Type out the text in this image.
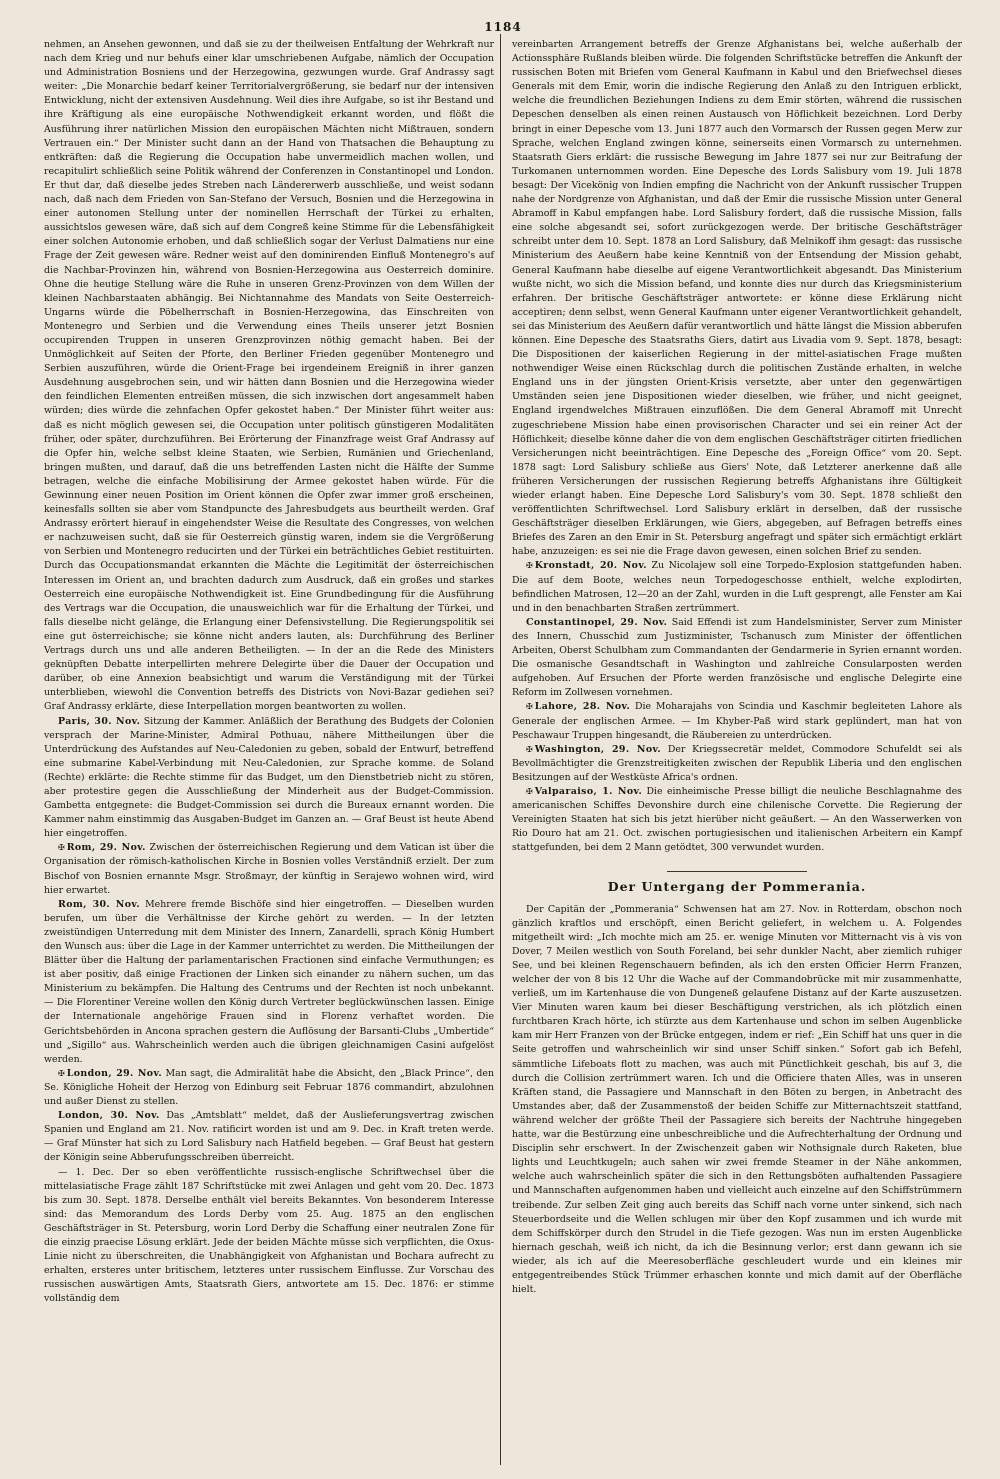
1184

nehmen, an Ansehen gewonnen, und daß sie zu der theilweisen Entfaltung der Wehrkraft nur nach dem Krieg und nur behufs einer klar umschriebenen Aufgabe, nämlich der Occupation und Administration Bosniens und der Herzegowina, gezwungen wurde. Graf Andrassy sagt weiter: „Die Monarchie bedarf keiner Territorialvergrößerung, sie bedarf nur der intensiven Entwicklung, nicht der extensiven Ausdehnung. Weil dies ihre Aufgabe, so ist ihr Bestand und ihre Kräftigung als eine europäische Nothwendigkeit erkannt worden, und flößt die Ausführung ihrer natürlichen Mission den europäischen Mächten nicht Mißtrauen, sondern Vertrauen ein.“ Der Minister sucht dann an der Hand von Thatsachen die Behauptung zu entkräften: daß die Regierung die Occupation habe unvermeidlich machen wollen, und recapitulirt schließlich seine Politik während der Conferenzen in Constantinopel und London. Er thut dar, daß dieselbe jedes Streben nach Ländererwerb ausschließe, und weist sodann nach, daß nach dem Frieden von San-Stefano der Versuch, Bosnien und die Herzegowina in einer autonomen Stellung unter der nominellen Herrschaft der Türkei zu erhalten, aussichtslos gewesen wäre, daß sich auf dem Congreß keine Stimme für die Lebensfähigkeit einer solchen Autonomie erhoben, und daß schließlich sogar der Verlust Dalmatiens nur eine Frage der Zeit gewesen wäre. Redner weist auf den dominirenden Einfluß Montenegro's auf die Nachbar-Provinzen hin, während von Bosnien-Herzegowina aus Oesterreich dominire. Ohne die heutige Stellung wäre die Ruhe in unseren Grenz-Provinzen von dem Willen der kleinen Nachbarstaaten abhängig. Bei Nichtannahme des Mandats von Seite Oesterreich-Ungarns würde die Pöbelherrschaft in Bosnien-Herzegowina, das Einschreiten von Montenegro und Serbien und die Verwendung eines Theils unserer jetzt Bosnien occupirenden Truppen in unseren Grenzprovinzen nöthig gemacht haben. Bei der Unmöglichkeit auf Seiten der Pforte, den Berliner Frieden gegenüber Montenegro und Serbien auszuführen, würde die Orient-Frage bei irgendeinem Ereigniß in ihrer ganzen Ausdehnung ausgebrochen sein, und wir hätten dann Bosnien und die Herzegowina wieder den feindlichen Elementen entreißen müssen, die sich inzwischen dort angesammelt haben würden; dies würde die zehnfachen Opfer gekostet haben.“ Der Minister führt weiter aus: daß es nicht möglich gewesen sei, die Occupation unter politisch günstigeren Modalitäten früher, oder später, durchzuführen. Bei Erörterung der Finanzfrage weist Graf Andrassy auf die Opfer hin, welche selbst kleine Staaten, wie Serbien, Rumänien und Griechenland, bringen mußten, und darauf, daß die uns betreffenden Lasten nicht die Hälfte der Summe betragen, welche die einfache Mobilisirung der Armee gekostet haben würde. Für die Gewinnung einer neuen Position im Orient können die Opfer zwar immer groß erscheinen, keinesfalls sollten sie aber vom Standpuncte des Jahresbudgets aus beurtheilt werden. Graf Andrassy erörtert hierauf in eingehendster Weise die Resultate des Congresses, von welchen er nachzuweisen sucht, daß sie für Oesterreich günstig waren, indem sie die Vergrößerung von Serbien und Montenegro reducirten und der Türkei ein beträchtliches Gebiet restituirten. Durch das Occupationsmandat erkannten die Mächte die Legitimität der österreichischen Interessen im Orient an, und brachten dadurch zum Ausdruck, daß ein großes und starkes Oesterreich eine europäische Nothwendigkeit ist. Eine Grundbedingung für die Ausführung des Vertrags war die Occupation, die unausweichlich war für die Erhaltung der Türkei, und falls dieselbe nicht gelänge, die Erlangung einer Defensivstellung. Die Regierungspolitik sei eine gut österreichische; sie könne nicht anders lauten, als: Durchführung des Berliner Vertrags durch uns und alle anderen Betheiligten. — In der an die Rede des Ministers geknüpften Debatte interpellirten mehrere Delegirte über die Dauer der Occupation und darüber, ob eine Annexion beabsichtigt und warum die Verständigung mit der Türkei unterblieben, wiewohl die Convention betreffs des Districts von Novi-Bazar gediehen sei? Graf Andrassy erklärte, diese Interpellation morgen beantworten zu wollen.

Paris, 30. Nov. Sitzung der Kammer. Anläßlich der Berathung des Budgets der Colonien versprach der Marine-Minister, Admiral Pothuau, nähere Mittheilungen über die Unterdrückung des Aufstandes auf Neu-Caledonien zu geben, sobald der Entwurf, betreffend eine submarine Kabel-Verbindung mit Neu-Caledonien, zur Sprache komme. de Soland (Rechte) erklärte: die Rechte stimme für das Budget, um den Dienstbetrieb nicht zu stören, aber protestire gegen die Ausschließung der Minderheit aus der Budget-Commission. Gambetta entgegnete: die Budget-Commission sei durch die Bureaux ernannt worden. Die Kammer nahm einstimmig das Ausgaben-Budget im Ganzen an. — Graf Beust ist heute Abend hier eingetroffen.

✠ Rom, 29. Nov. Zwischen der österreichischen Regierung und dem Vatican ist über die Organisation der römisch-katholischen Kirche in Bosnien volles Verständniß erzielt. Der zum Bischof von Bosnien ernannte Msgr. Stroßmayr, der künftig in Serajewo wohnen wird, wird hier erwartet.

Rom, 30. Nov. Mehrere fremde Bischöfe sind hier eingetroffen. — Dieselben wurden berufen, um über die Verhältnisse der Kirche gehört zu werden. — In der letzten zweistündigen Unterredung mit dem Minister des Innern, Zanardelli, sprach König Humbert den Wunsch aus: über die Lage in der Kammer unterrichtet zu werden. Die Mittheilungen der Blätter über die Haltung der parlamentarischen Fractionen sind einfache Vermuthungen; es ist aber positiv, daß einige Fractionen der Linken sich einander zu nähern suchen, um das Ministerium zu bekämpfen. Die Haltung des Centrums und der Rechten ist noch unbekannt. — Die Florentiner Vereine wollen den König durch Vertreter beglückwünschen lassen. Einige der Internationale angehörige Frauen sind in Florenz verhaftet worden. Die Gerichtsbehörden in Ancona sprachen gestern die Auflösung der Barsanti-Clubs „Umbertide“ und „Sigillo“ aus. Wahrscheinlich werden auch die übrigen gleichnamigen Casini aufgelöst werden.

✠ London, 29. Nov. Man sagt, die Admiralität habe die Absicht, den „Black Prince“, den Se. Königliche Hoheit der Herzog von Edinburg seit Februar 1876 commandirt, abzulohnen und außer Dienst zu stellen.

London, 30. Nov. Das „Amtsblatt“ meldet, daß der Auslieferungsvertrag zwischen Spanien und England am 21. Nov. ratificirt worden ist und am 9. Dec. in Kraft treten werde. — Graf Münster hat sich zu Lord Salisbury nach Hatfield begeben. — Graf Beust hat gestern der Königin seine Abberufungsschreiben überreicht.

— 1. Dec. Der so eben veröffentlichte russisch-englische Schriftwechsel über die mittelasiatische Frage zählt 187 Schriftstücke mit zwei Anlagen und geht vom 20. Dec. 1873 bis zum 30. Sept. 1878. Derselbe enthält viel bereits Bekanntes. Von besonderem Interesse sind: das Memorandum des Lords Derby vom 25. Aug. 1875 an den englischen Geschäftsträger in St. Petersburg, worin Lord Derby die Schaffung einer neutralen Zone für die einzig praecise Lösung erklärt. Jede der beiden Mächte müsse sich verpflichten, die Oxus-Linie nicht zu überschreiten, die Unabhängigkeit von Afghanistan und Bochara aufrecht zu erhalten, ersteres unter britischem, letzteres unter russischem Einflusse. Zur Vorschau des russischen auswärtigen Amts, Staatsrath Giers, antwortete am 15. Dec. 1876: er stimme vollständig dem

vereinbarten Arrangement betreffs der Grenze Afghanistans bei, welche außerhalb der Actionssphäre Rußlands bleiben würde. Die folgenden Schriftstücke betreffen die Ankunft der russischen Boten mit Briefen vom General Kaufmann in Kabul und den Briefwechsel dieses Generals mit dem Emir, worin die indische Regierung den Anlaß zu den Intriguen erblickt, welche die freundlichen Beziehungen Indiens zu dem Emir störten, während die russischen Depeschen denselben als einen reinen Austausch von Höflichkeit bezeichnen. Lord Derby bringt in einer Depesche vom 13. Juni 1877 auch den Vormarsch der Russen gegen Merw zur Sprache, welchen England zwingen könne, seinerseits einen Vormarsch zu unternehmen. Staatsrath Giers erklärt: die russische Bewegung im Jahre 1877 sei nur zur Beitrafung der Turkomanen unternommen worden. Eine Depesche des Lords Salisbury vom 19. Juli 1878 besagt: Der Vicekönig von Indien empfing die Nachricht von der Ankunft russischer Truppen nahe der Nordgrenze von Afghanistan, und daß der Emir die russische Mission unter General Abramoff in Kabul empfangen habe. Lord Salisbury fordert, daß die russische Mission, falls eine solche abgesandt sei, sofort zurückgezogen werde. Der britische Geschäftsträger schreibt unter dem 10. Sept. 1878 an Lord Salisbury, daß Melnikoff ihm gesagt: das russische Ministerium des Aeußern habe keine Kenntniß von der Entsendung der Mission gehabt, General Kaufmann habe dieselbe auf eigene Verantwortlichkeit abgesandt. Das Ministerium wußte nicht, wo sich die Mission befand, und konnte dies nur durch das Kriegsministerium erfahren. Der britische Geschäftsträger antwortete: er könne diese Erklärung nicht acceptiren; denn selbst, wenn General Kaufmann unter eigener Verantwortlichkeit gehandelt, sei das Ministerium des Aeußern dafür verantwortlich und hätte längst die Mission abberufen können. Eine Depesche des Staatsraths Giers, datirt aus Livadia vom 9. Sept. 1878, besagt: Die Dispositionen der kaiserlichen Regierung in der mittel-asiatischen Frage mußten nothwendiger Weise einen Rückschlag durch die politischen Zustände erhalten, in welche England uns in der jüngsten Orient-Krisis versetzte, aber unter den gegenwärtigen Umständen seien jene Dispositionen wieder dieselben, wie früher, und nicht geeignet, England irgendwelches Mißtrauen einzuflößen. Die dem General Abramoff mit Unrecht zugeschriebene Mission habe einen provisorischen Character und sei ein reiner Act der Höflichkeit; dieselbe könne daher die von dem englischen Geschäftsträger citirten friedlichen Versicherungen nicht beeinträchtigen. Eine Depesche des „Foreign Office“ vom 20. Sept. 1878 sagt: Lord Salisbury schließe aus Giers' Note, daß Letzterer anerkenne daß alle früheren Versicherungen der russischen Regierung betreffs Afghanistans ihre Gültigkeit wieder erlangt haben. Eine Depesche Lord Salisbury's vom 30. Sept. 1878 schließt den veröffentlichten Schriftwechsel. Lord Salisbury erklärt in derselben, daß der russische Geschäftsträger dieselben Erklärungen, wie Giers, abgegeben, auf Befragen betreffs eines Briefes des Zaren an den Emir in St. Petersburg angefragt und später sich ermächtigt erklärt habe, anzuzeigen: es sei nie die Frage davon gewesen, einen solchen Brief zu senden.

✠ Kronstadt, 20. Nov. Zu Nicolajew soll eine Torpedo-Explosion stattgefunden haben. Die auf dem Boote, welches neun Torpedogeschosse enthielt, welche explodirten, befindlichen Matrosen, 12—20 an der Zahl, wurden in die Luft gesprengt, alle Fenster am Kai und in den benachbarten Straßen zertrümmert.

Constantinopel, 29. Nov. Said Effendi ist zum Handelsminister, Server zum Minister des Innern, Chusschid zum Justizminister, Tschanusch zum Minister der öffentlichen Arbeiten, Oberst Schulbham zum Commandanten der Gendarmerie in Syrien ernannt worden. Die osmanische Gesandtschaft in Washington und zahlreiche Consularposten werden aufgehoben. Auf Ersuchen der Pforte werden französische und englische Delegirte eine Reform im Zollwesen vornehmen.

✠ Lahore, 28. Nov. Die Moharajahs von Scindia und Kaschmir begleiteten Lahore als Generale der englischen Armee. — Im Khyber-Paß wird stark geplündert, man hat von Peschawaur Truppen hingesandt, die Räubereien zu unterdrücken.

✠ Washington, 29. Nov. Der Kriegssecretär meldet, Commodore Schufeldt sei als Bevollmächtigter die Grenzstreitigkeiten zwischen der Republik Liberia und den englischen Besitzungen auf der Westküste Africa's ordnen.

✠ Valparaiso, 1. Nov. Die einheimische Presse billigt die neuliche Beschlagnahme des americanischen Schiffes Devonshire durch eine chilenische Corvette. Die Regierung der Vereinigten Staaten hat sich bis jetzt hierüber nicht geäußert. — An den Wasserwerken von Rio Douro hat am 21. Oct. zwischen portugiesischen und italienischen Arbeitern ein Kampf stattgefunden, bei dem 2 Mann getödtet, 300 verwundet wurden.

Der Untergang der Pommerania.

Der Capitän der „Pommerania“ Schwensen hat am 27. Nov. in Rotterdam, obschon noch gänzlich kraftlos und erschöpft, einen Bericht geliefert, in welchem u. A. Folgendes mitgetheilt wird: „Ich mochte mich am 25. er. wenige Minuten vor Mitternacht vis à vis von Dover, 7 Meilen westlich von South Foreland, bei sehr dunkler Nacht, aber ziemlich ruhiger See, und bei kleinen Regenschauern befinden, als ich den ersten Officier Herrn Franzen, welcher der von 8 bis 12 Uhr die Wache auf der Commandobrücke mit mir zusammenhatte, verließ, um im Kartenhause die von Dungeneß gelaufene Distanz auf der Karte auszusetzen. Vier Minuten waren kaum bei dieser Beschäftigung verstrichen, als ich plötzlich einen furchtbaren Krach hörte, ich stürzte aus dem Kartenhause und schon im selben Augenblicke kam mir Herr Franzen von der Brücke entgegen, indem er rief: „Ein Schiff hat uns quer in die Seite getroffen und wahrscheinlich wir sind unser Schiff sinken.“ Sofort gab ich Befehl, sämmtliche Lifeboats flott zu machen, was auch mit Pünctlichkeit geschah, bis auf 3, die durch die Collision zertrümmert waren. Ich und die Officiere thaten Alles, was in unseren Kräften stand, die Passagiere und Mannschaft in den Böten zu bergen, in Anbetracht des Umstandes aber, daß der Zusammenstoß der beiden Schiffe zur Mitternachtszeit stattfand, während welcher der größte Theil der Passagiere sich bereits der Nachtruhe hingegeben hatte, war die Bestürzung eine unbeschreibliche und die Aufrechterhaltung der Ordnung und Disciplin sehr erschwert. In der Zwischenzeit gaben wir Nothsignale durch Raketen, blue lights und Leuchtkugeln; auch sahen wir zwei fremde Steamer in der Nähe ankommen, welche auch wahrscheinlich später die sich in den Rettungsböten aufhaltenden Passagiere und Mannschaften aufgenommen haben und vielleicht auch einzelne auf den Schiffstrümmern treibende. Zur selben Zeit ging auch bereits das Schiff nach vorne unter sinkend, sich nach Steuerbordseite und die Wellen schlugen mir über den Kopf zusammen und ich wurde mit dem Schiffskörper durch den Strudel in die Tiefe gezogen. Was nun im ersten Augenblicke hiernach geschah, weiß ich nicht, da ich die Besinnung verlor; erst dann gewann ich sie wieder, als ich auf die Meeresoberfläche geschleudert wurde und ein kleines mir entgegentreibendes Stück Trümmer erhaschen konnte und mich damit auf der Oberfläche hielt.
